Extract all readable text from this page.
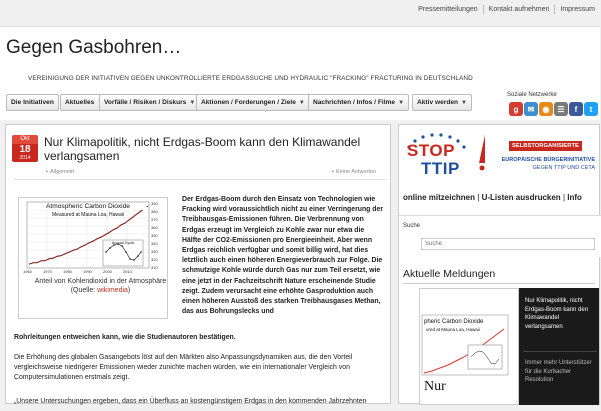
Pressemitteilungen	Kontakt aufnehmen	Impressum
Gegen Gasbohren…
VEREINIGUNG DER INITIATIVEN GEGEN UNKONTROLLIERTE ERDGASSUCHE UND HYDRAULIC "FRACKING" FRACTURING IN DEUTSCHLAND
Die Initiativen Aktuelles Vorfälle / Risiken / Diskurs ▼ Aktionen / Forderungen / Ziele ▼ Nachrichten / Infos / Filme ▼ Aktiv werden ▼
Soziale Netzwerke
g ✉ ◉ ☰ f t
Okt
18
2014
Nur Klimapolitik, nicht Erdgas-Boom kann den Klimawandel verlangsamen
▪ Allgemein	▪ Keine Antworten
Atmospheric Carbon Dioxide
Measured at Mauna Loa, Hawaii
Annual Cycle
390
380
370
360
350
340
330
320
310
1960	1970	1980	1990	2000	2010
Anteil von Kohlendioxid in der Atmosphäre
(Quelle: wikimedia)
Der Erdgas-Boom durch den Einsatz von Technologien wie Fracking wird voraussichtlich nicht zu einer Verringerung der Treibhausgas-Emissionen führen. Die Verbrennung von Erdgas erzeugt im Vergleich zu Kohle zwar nur etwa die Hälfte der CO2-Emissionen pro Energieeinheit. Aber wenn Erdgas reichlich verfügbar und somit billig wird, hat dies letztlich auch einen höheren Energieverbrauch zur Folge. Die schmutzige Kohle würde durch Gas nur zum Teil ersetzt, wie eine jetzt in der Fachzeitschrift Nature erscheinende Studie zeigt. Zudem verursacht eine erhöhte Gasproduktion auch einen höheren Ausstoß des starken Treibhausgases Methan, das aus Bohrungslecks und
Rohrleitungen entweichen kann, wie die Studienautoren bestätigen.
Die Erhöhung des globalen Gasangebots löst auf den Märkten also Anpassungsdynamiken aus, die den Vorteil vergleichsweise niedrigerer Emissionen wieder zunichte machen würden, wie ein internationaler Vergleich von Computersimulationen erstmals zeigt.
„Unsere Untersuchungen ergeben, dass ein Überfluss an kostengünstigem Erdgas in den kommenden Jahrzehnten
STOP
TTIP
SELBSTORGANISIERTE
EUROPÄISCHE BÜRGERINITIATIVE
GEGEN TTIP UND CETA
online mitzeichnen | U-Listen ausdrucken | Info
Suche
Suche
Aktuelle Meldungen
pheric Carbon Dioxide
ured at Mauna Loa, Hawaii
Nur
Nur Klimapolitik, nicht Erdgas-Boom kann den Klimawandel verlangsamen
Immer mehr Unterstützer für die Korbacher Resolution
